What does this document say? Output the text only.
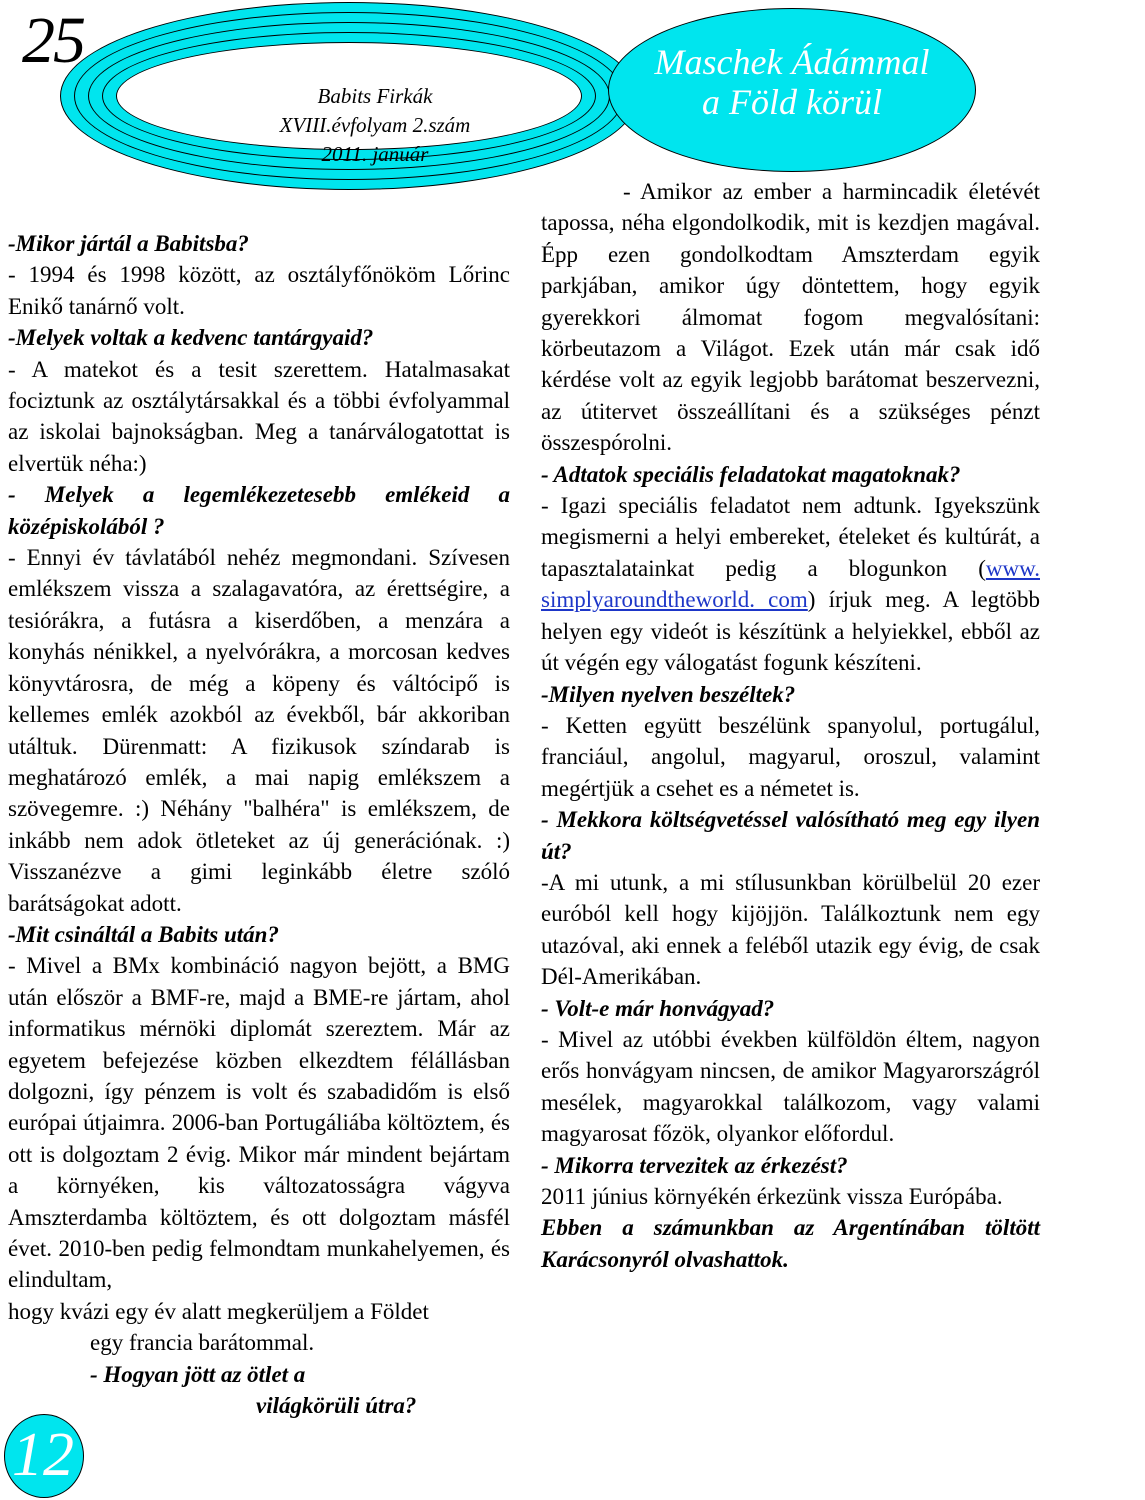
25
Babits Firkák
XVIII.évfolyam 2.szám
2011. január
Maschek Ádámmal
a Föld körül

-Mikor jártál a Babitsba?

- 1994 és 1998 között, az osztályfőnököm Lőrinc Enikő tanárnő volt.

-Melyek voltak a kedvenc tantárgyaid?

- A matekot és a tesit szerettem. Hatalmasakat fociztunk az osztálytársakkal és a többi évfolyammal az iskolai bajnokságban. Meg a tanárválogatottat is elvertük néha:)

- Melyek a legemlékezetesebb emlékeid a középiskolából ?

- Ennyi év távlatából nehéz megmondani. Szívesen emlékszem vissza a szalagavatóra, az érettségire, a tesiórákra, a futásra a kiserdőben, a menzára a konyhás nénikkel, a nyelvórákra, a morcosan kedves könyvtárosra, de még a köpeny és váltócipő is kellemes emlék azokból az évekből, bár akkoriban utáltuk. Dürenmatt: A fizikusok színdarab is meghatározó emlék, a mai napig emlékszem a szövegemre. :) Néhány "balhéra" is emlékszem, de inkább nem adok ötleteket az új generációnak. :) Visszanézve a gimi leginkább életre szóló barátságokat adott.

-Mit csináltál a Babits után?

- Mivel a BMx kombináció nagyon bejött, a BMG után először a BMF-re, majd a BME-re jártam, ahol informatikus mérnöki diplomát szereztem. Már az egyetem befejezése közben elkezdtem félállásban dolgozni, így pénzem is volt és szabadidőm is első európai útjaimra. 2006-ban Portugáliába költöztem, és ott is dolgoztam 2 évig. Mikor már mindent bejártam a környéken, kis változatosságra vágyva Amszterdamba költöztem, és ott dolgoztam másfél évet. 2010-ben pedig felmondtam munkahelyemen, és elindultam,

hogy kvázi egy év alatt megkerüljem a Földet

egy francia barátommal.

- Hogyan jött az ötlet a

világkörüli útra?

- Amikor az ember a harmincadik életévét tapossa, néha elgondolkodik, mit is kezdjen magával. Épp ezen gondolkodtam Amszterdam egyik parkjában, amikor úgy döntettem, hogy egyik gyerekkori álmomat fogom megvalósítani: körbeutazom a Világot. Ezek után már csak idő kérdése volt az egyik legjobb barátomat beszervezni, az útitervet összeállítani és a szükséges pénzt összespórolni.

- Adtatok speciális feladatokat magatoknak?

- Igazi speciális feladatot nem adtunk. Igyekszünk megismerni a helyi embereket, ételeket és kultúrát, a tapasztalatainkat pedig a blogunkon (www. simplyaroundtheworld. com) írjuk meg. A legtöbb helyen egy videót is készítünk a helyiekkel, ebből az út végén egy válogatást fogunk készíteni.

-Milyen nyelven beszéltek?

- Ketten együtt beszélünk spanyolul, portugálul, franciául, angolul, magyarul, oroszul, valamint megértjük a csehet es a németet is.

- Mekkora költségvetéssel valósítható meg egy ilyen út?

-A mi utunk, a mi stílusunkban körülbelül 20 ezer euróból kell hogy kijöjjön. Találkoztunk nem egy utazóval, aki ennek a feléből utazik egy évig, de csak Dél-Amerikában.

- Volt-e már honvágyad?

- Mivel az utóbbi években külföldön éltem, nagyon erős honvágyam nincsen, de amikor Magyarországról mesélek, magyarokkal találkozom, vagy valami magyarosat főzök, olyankor előfordul.

- Mikorra tervezitek az érkezést?

2011 június környékén érkezünk vissza Európába.

Ebben a számunkban az Argentínában töltött Karácsonyról olvashattok.

12
